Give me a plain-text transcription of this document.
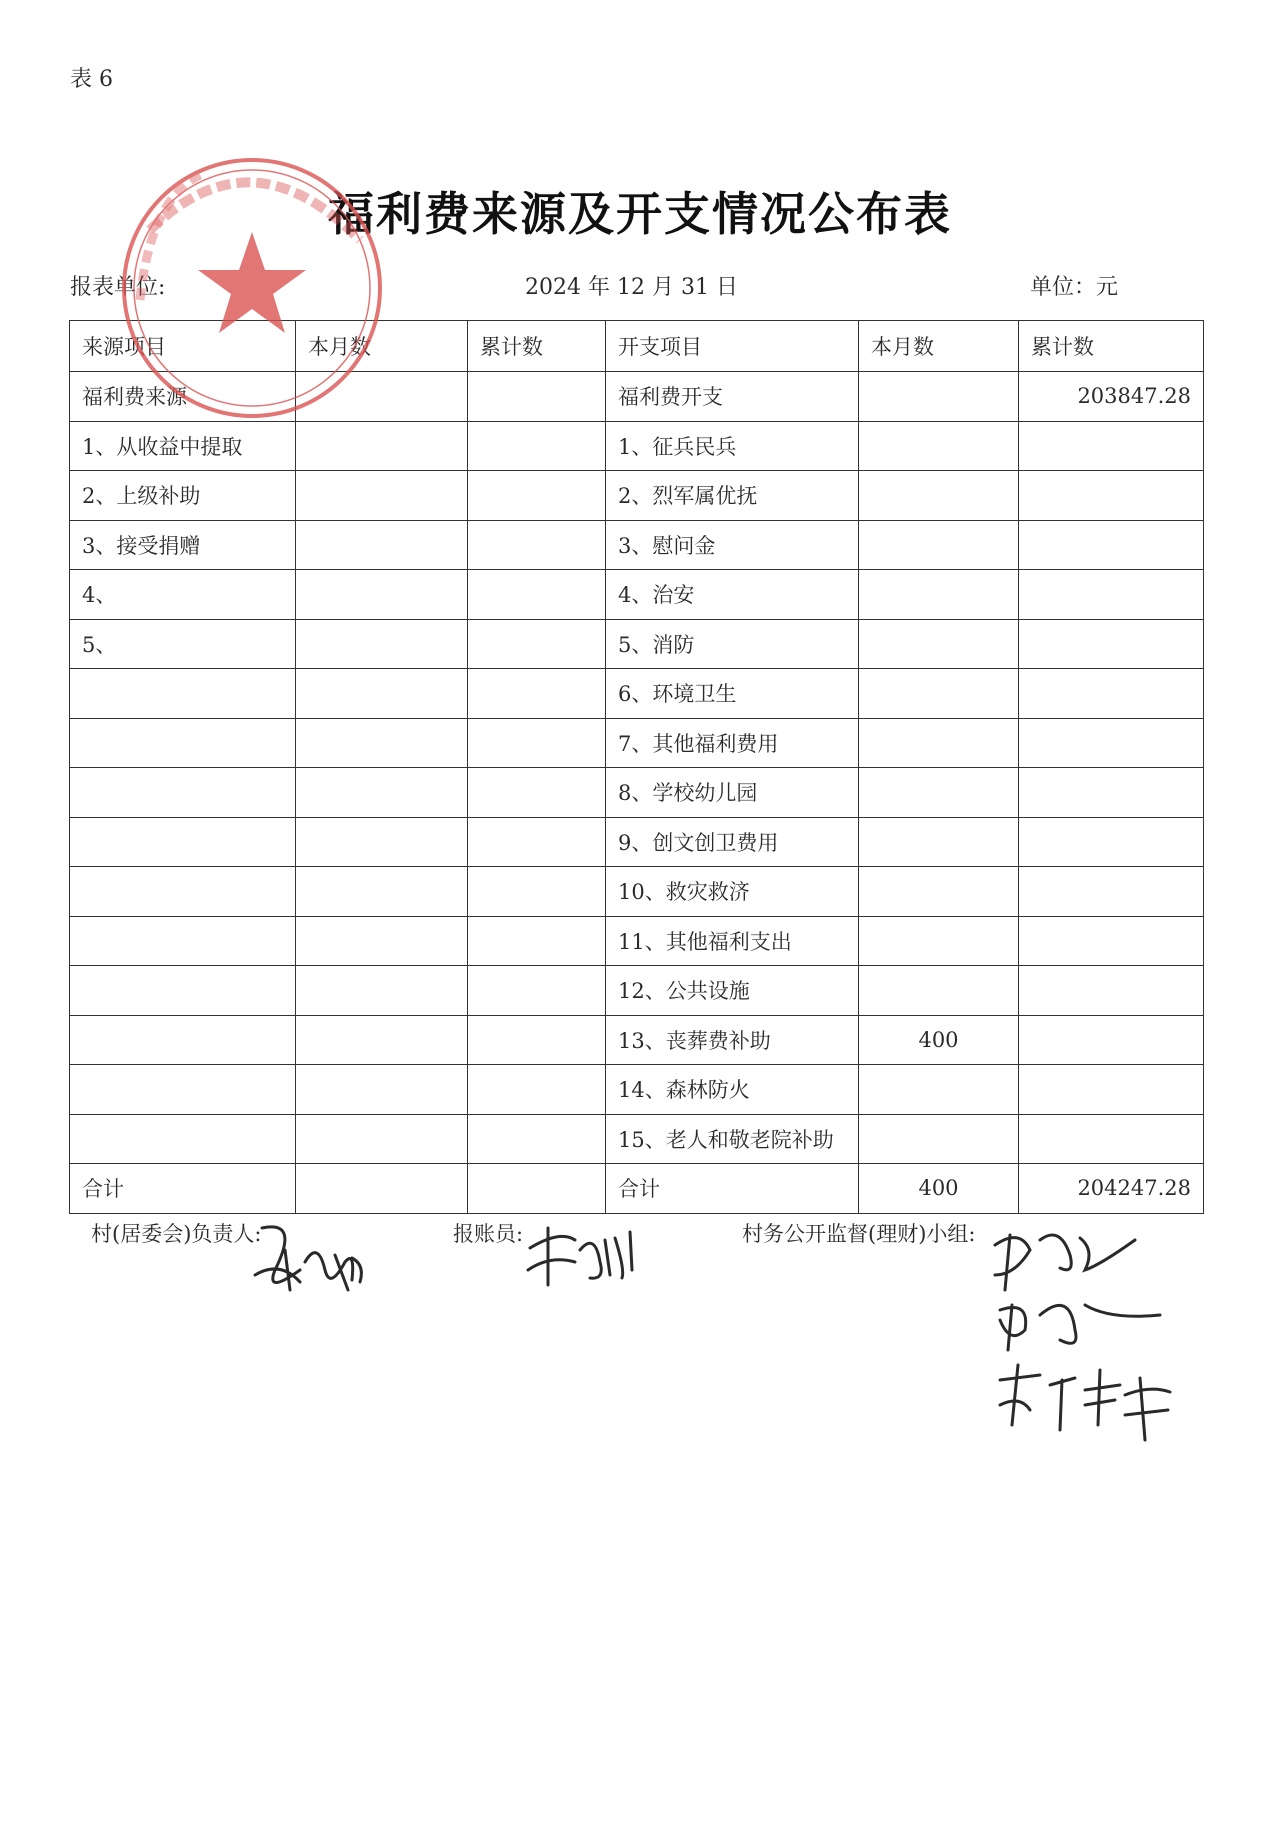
表 6
福利费来源及开支情况公布表
报表单位:	2024 年 12 月 31 日	单位：元
来源项目	本月数	累计数	开支项目	本月数	累计数
福利费来源			福利费开支		203847.28
1、从收益中提取			1、征兵民兵		
2、上级补助			2、烈军属优抚		
3、接受捐赠			3、慰问金		
4、			4、治安		
5、			5、消防		
			6、环境卫生		
			7、其他福利费用		
			8、学校幼儿园		
			9、创文创卫费用		
			10、救灾救济		
			11、其他福利支出		
			12、公共设施		
			13、丧葬费补助	400	
			14、森林防火		
			15、老人和敬老院补助		
合计			合计	400	204247.28
村(居委会)负责人:	报账员:	村务公开监督(理财)小组:
